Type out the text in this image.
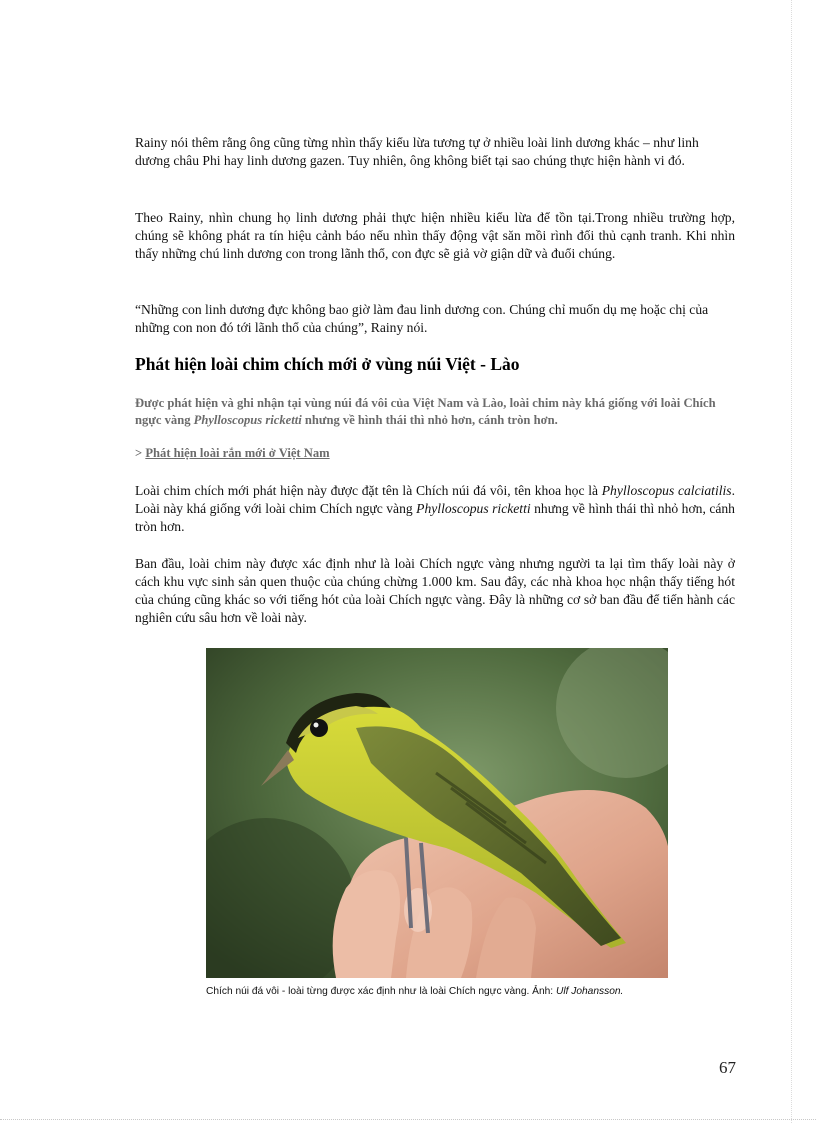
Rainy nói thêm rằng ông cũng từng nhìn thấy kiểu lừa tương tự ở nhiều loài linh dương khác – như linh dương châu Phi hay linh dương gazen. Tuy nhiên, ông không biết tại sao chúng thực hiện hành vi đó.

Theo Rainy, nhìn chung họ linh dương phải thực hiện nhiều kiểu lừa để tồn tại.Trong nhiều trường hợp, chúng sẽ không phát ra tín hiệu cảnh báo nếu nhìn thấy động vật săn mồi rình đối thủ cạnh tranh. Khi nhìn thấy những chú linh dương con trong lãnh thổ, con đực sẽ giả vờ giận dữ và đuổi chúng.

“Những con linh dương đực không bao giờ làm đau linh dương con. Chúng chỉ muốn dụ mẹ hoặc chị của những con non đó tới lãnh thổ của chúng”, Rainy nói.

Phát hiện loài chim chích mới ở vùng núi Việt - Lào

Được phát hiện và ghi nhận tại vùng núi đá vôi của Việt Nam và Lào, loài chim này khá giống với loài Chích ngực vàng Phylloscopus ricketti nhưng về hình thái thì nhỏ hơn, cánh tròn hơn.

> Phát hiện loài rắn mới ở Việt Nam

Loài chim chích mới phát hiện này được đặt tên là Chích núi đá vôi, tên khoa học là Phylloscopus calciatilis. Loài này khá giống với loài chim Chích ngực vàng Phylloscopus ricketti nhưng về hình thái thì nhỏ hơn, cánh tròn hơn.

Ban đầu, loài chim này được xác định như là loài Chích ngực vàng nhưng người ta lại tìm thấy loài này ở cách khu vực sinh sản quen thuộc của chúng chừng 1.000 km. Sau đây, các nhà khoa học nhận thấy tiếng hót của chúng cũng khác so với tiếng hót của loài Chích ngực vàng. Đây là những cơ sở ban đầu để tiến hành các nghiên cứu sâu hơn về loài này.

Chích núi đá vôi - loài từng được xác định như là loài Chích ngực vàng. Ảnh: Ulf Johansson.

67
